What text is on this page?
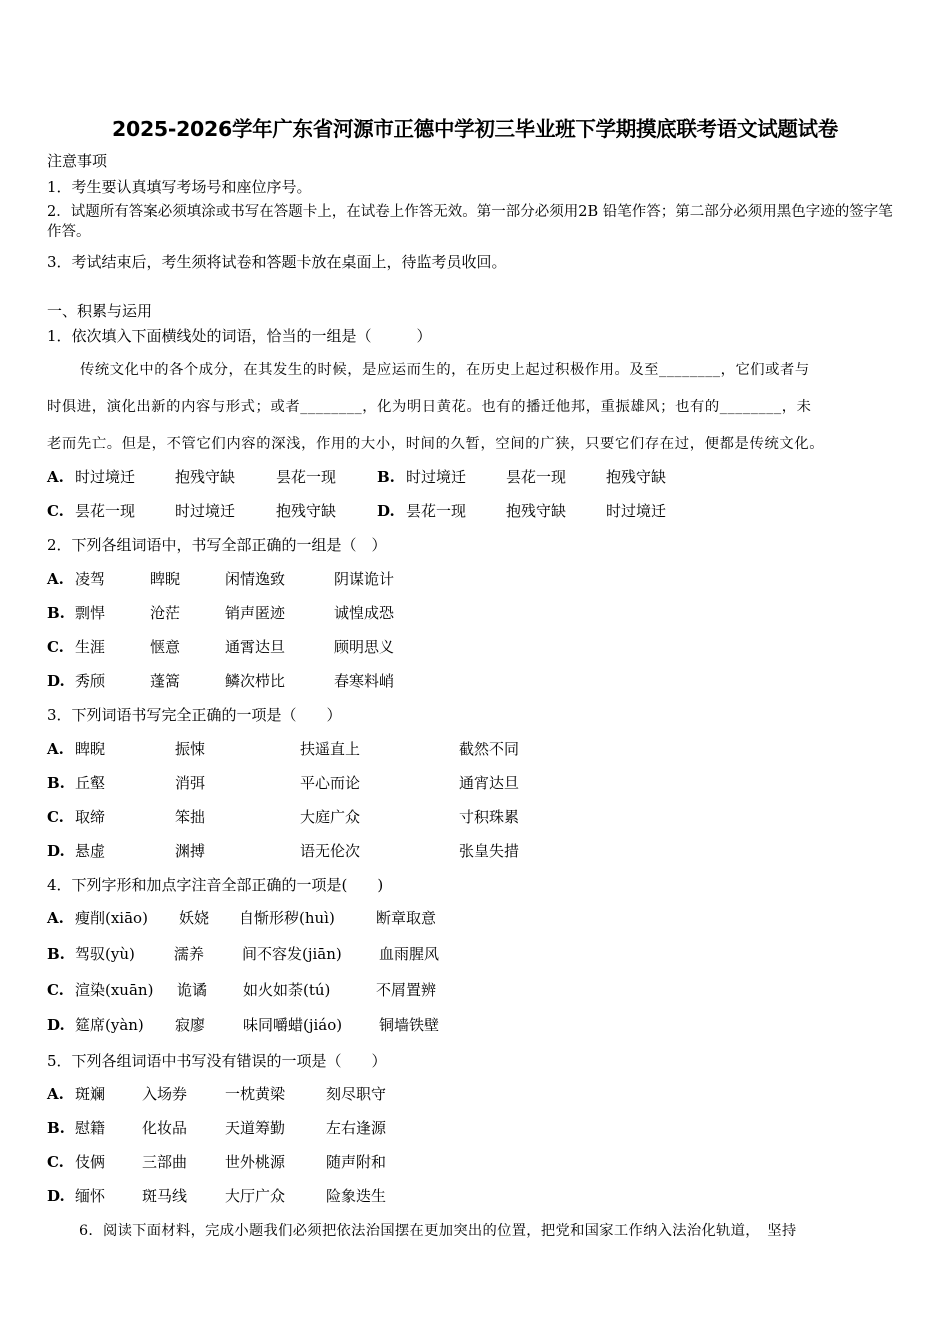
2025-2026学年广东省河源市正德中学初三毕业班下学期摸底联考语文试题试卷
注意事项
1．考生要认真填写考场号和座位序号。
2．试题所有答案必须填涂或书写在答题卡上，在试卷上作答无效。第一部分必须用2B 铅笔作答；第二部分必须用黑色字迹的签字笔作答。
3．考试结束后，考生须将试卷和答题卡放在桌面上，待监考员收回。
一、积累与运用
1．依次填入下面横线处的词语，恰当的一组是（　　　）
传统文化中的各个成分，在其发生的时候，是应运而生的，在历史上起过积极作用。及至________，它们或者与
时俱进，演化出新的内容与形式；或者________，化为明日黄花。也有的播迁他邦，重振雄风；也有的________，未
老而先亡。但是，不管它们内容的深浅，作用的大小，时间的久暂，空间的广狭，只要它们存在过，便都是传统文化。
A. 时过境迁	抱残守缺	昙花一现	B. 时过境迁	昙花一现	抱残守缺
C. 昙花一现	时过境迁	抱残守缺	D. 昙花一现	抱残守缺	时过境迁
2．下列各组词语中，书写全部正确的一组是（　）
A. 凌驾	睥睨	闲情逸致	阴谋诡计
B. 剽悍	沧茫	销声匿迹	诚惶成恐
C. 生涯	惬意	通霄达旦	顾明思义
D. 秀颀	蓬篙	鳞次栉比	春寒料峭
3．下列词语书写完全正确的一项是（　　）
A. 睥睨	振悚	扶遥直上	截然不同
B. 丘壑	消弭	平心而论	通宵达旦
C. 取缔	笨拙	大庭广众	寸积珠累
D. 悬虚	渊搏	语无伦次	张皇失措
4．下列字形和加点字注音全部正确的一项是(　　)
A. 瘦削(xiāo) 妖娆 自惭形秽(huì)	断章取意
B. 驾驭(yù)	濡养	间不容发(jiān) 血雨腥风
C. 渲染(xuān) 诡谲 如火如荼(tú)	不屑置辨
D. 筵席(yàn) 寂廖	味同嚼蜡(jiáo) 铜墙铁壁
5．下列各组词语中书写没有错误的一项是（　　）
A. 斑斓 入场券	一枕黄梁	刻尽职守
B. 慰籍 化妆品	天道筹勤	左右逢源
C. 伎俩 三部曲	世外桃源	随声附和
D. 缅怀 斑马线	大厅广众	险象迭生
6．阅读下面材料，完成小题我们必须把依法治国摆在更加突出的位置，把党和国家工作纳入法治化轨道，　坚持
